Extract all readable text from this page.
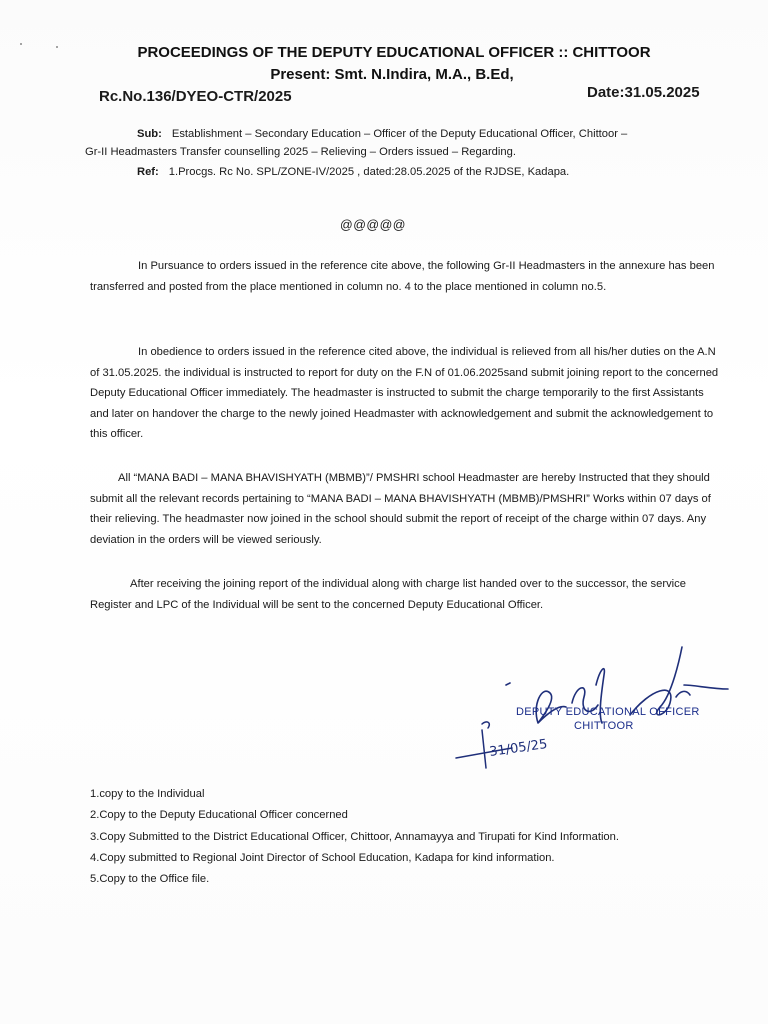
PROCEEDINGS OF THE DEPUTY EDUCATIONAL OFFICER :: CHITTOOR
Present: Smt. N.Indira, M.A., B.Ed,
Rc.No.136/DYEO-CTR/2025	Date:31.05.2025
Sub: Establishment – Secondary Education – Officer of the Deputy Educational Officer, Chittoor –
Gr-II Headmasters Transfer counselling 2025 – Relieving – Orders issued – Regarding.
Ref: 1.Procgs. Rc No. SPL/ZONE-IV/2025 , dated:28.05.2025 of the RJDSE, Kadapa.
@@@@@
In Pursuance to orders issued in the reference cite above, the following Gr-II Headmasters in the annexure has been transferred and posted from the place mentioned in column no. 4 to the place mentioned in column no.5.
In obedience to orders issued in the reference cited above, the individual is relieved from all his/her duties on the A.N of 31.05.2025. the individual is instructed to report for duty on the F.N of 01.06.2025sand submit joining report to the concerned Deputy Educational Officer immediately. The headmaster is instructed to submit the charge temporarily to the first Assistants and later on handover the charge to the newly joined Headmaster with acknowledgement and submit the acknowledgement to this officer.
All “MANA BADI – MANA BHAVISHYATH (MBMB)”/ PMSHRI school Headmaster are hereby Instructed that they should submit all the relevant records pertaining to “MANA BADI – MANA BHAVISHYATH (MBMB)/PMSHRI” Works within 07 days of their relieving. The headmaster now joined in the school should submit the report of receipt of the charge within 07 days. Any deviation in the orders will be viewed seriously.
After receiving the joining report of the individual along with charge list handed over to the successor, the service Register and LPC of the Individual will be sent to the concerned Deputy Educational Officer.
DEPUTY EDUCATIONAL OFFICER
CHITTOOR
31/05/25
1.copy to the Individual
2.Copy to the Deputy Educational Officer concerned
3.Copy Submitted to the District Educational Officer, Chittoor, Annamayya and Tirupati for Kind Information.
4.Copy submitted to Regional Joint Director of School Education, Kadapa for kind information.
5.Copy to the Office file.
